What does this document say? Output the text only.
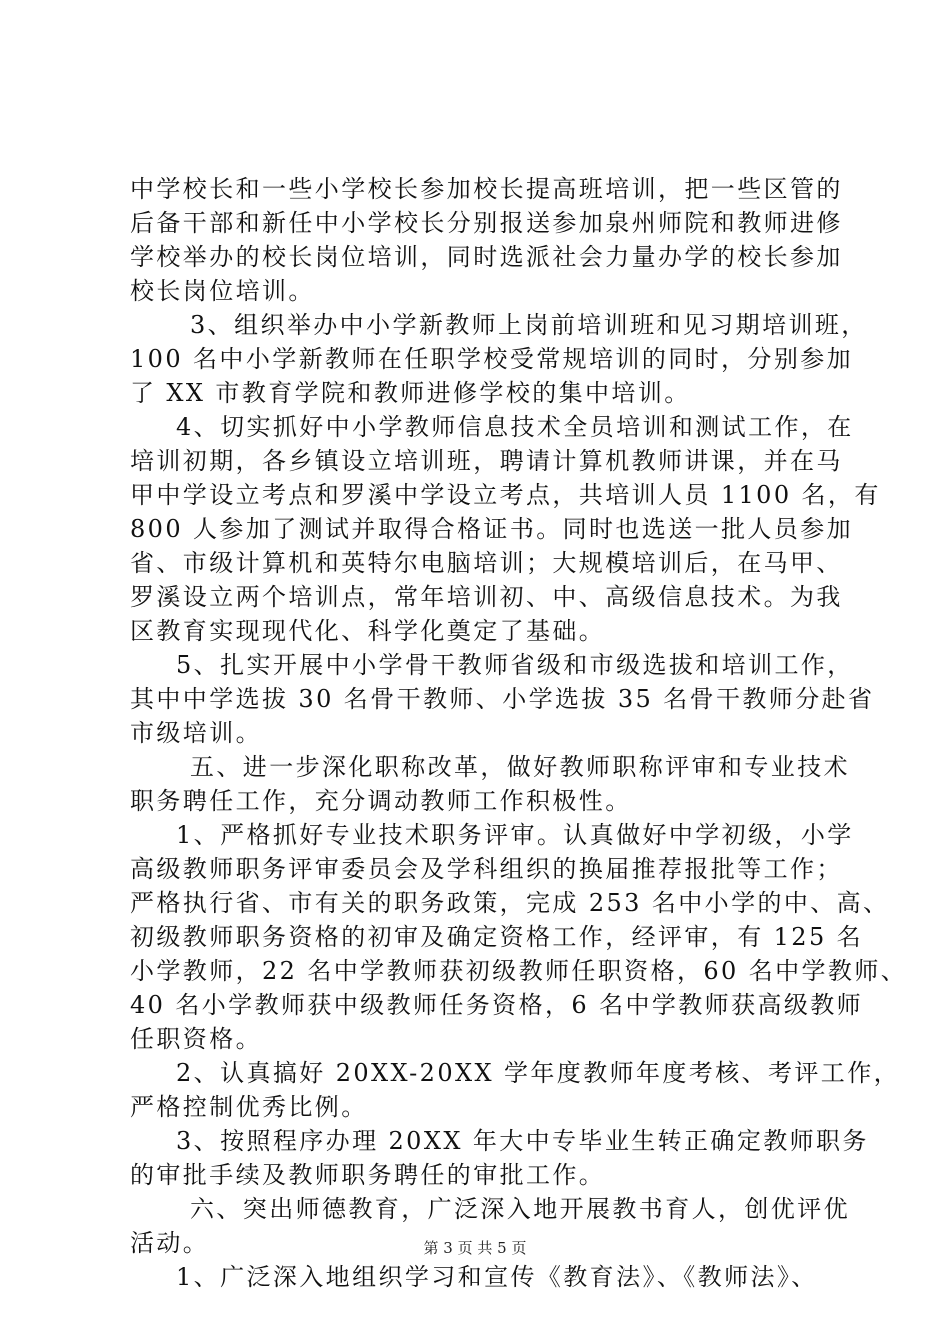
中学校长和一些小学校长参加校长提高班培训，把一些区管的
后备干部和新任中小学校长分别报送参加泉州师院和教师进修
学校举办的校长岗位培训，同时选派社会力量办学的校长参加
校长岗位培训。
3、组织举办中小学新教师上岗前培训班和见习期培训班，
100 名中小学新教师在任职学校受常规培训的同时，分别参加
了 XX 市教育学院和教师进修学校的集中培训。
4、切实抓好中小学教师信息技术全员培训和测试工作，在
培训初期，各乡镇设立培训班，聘请计算机教师讲课，并在马
甲中学设立考点和罗溪中学设立考点，共培训人员 1100 名，有
800 人参加了测试并取得合格证书。同时也选送一批人员参加
省、市级计算机和英特尔电脑培训；大规模培训后，在马甲、
罗溪设立两个培训点，常年培训初、中、高级信息技术。为我
区教育实现现代化、科学化奠定了基础。
5、扎实开展中小学骨干教师省级和市级选拔和培训工作，
其中中学选拔 30 名骨干教师、小学选拔 35 名骨干教师分赴省
市级培训。
五、进一步深化职称改革，做好教师职称评审和专业技术
职务聘任工作，充分调动教师工作积极性。
1、严格抓好专业技术职务评审。认真做好中学初级，小学
高级教师职务评审委员会及学科组织的换届推荐报批等工作；
严格执行省、市有关的职务政策，完成 253 名中小学的中、高、
初级教师职务资格的初审及确定资格工作，经评审，有 125 名
小学教师，22 名中学教师获初级教师任职资格，60 名中学教师、
40 名小学教师获中级教师任务资格，6 名中学教师获高级教师
任职资格。
2、认真搞好 20XX-20XX 学年度教师年度考核、考评工作，
严格控制优秀比例。
3、按照程序办理 20XX 年大中专毕业生转正确定教师职务
的审批手续及教师职务聘任的审批工作。
六、突出师德教育，广泛深入地开展教书育人，创优评优
活动。
1、广泛深入地组织学习和宣传《教育法》、《教师法》、
第 3 页 共 5 页
